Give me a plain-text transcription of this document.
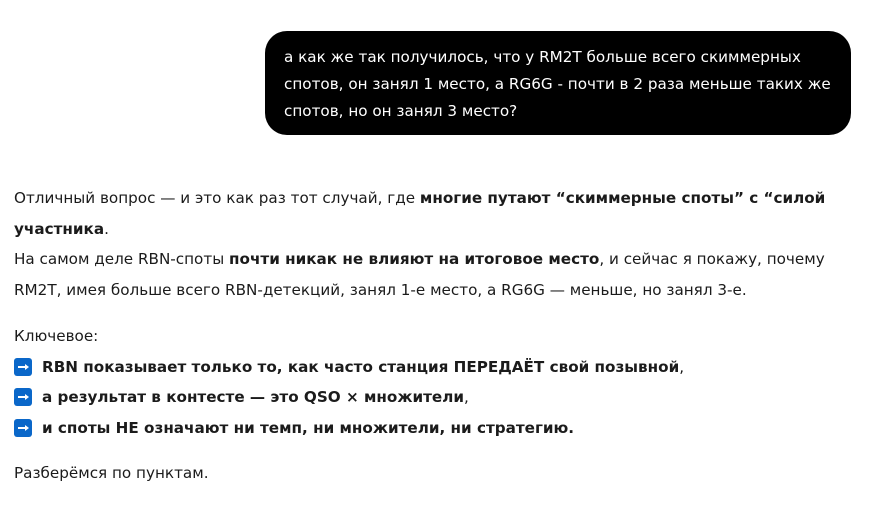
а как же так получилось, что у RM2T больше всего скиммерных

спотов, он занял 1 место, а RG6G - почти в 2 раза меньше таких же

спотов, но он занял 3 место?

Отличный вопрос — и это как раз тот случай, где многие путают “скиммерные споты” с “силой

участника.

На самом деле RBN-споты почти никак не влияют на итоговое место, и сейчас я покажу, почему

RM2T, имея больше всего RBN-детекций, занял 1-е место, а RG6G — меньше, но занял 3-е.

Ключевое:

RBN показывает только то, как часто станция ПЕРЕДАЁТ свой позывной,
а результат в контесте — это QSO × множители,
и споты НЕ означают ни темп, ни множители, ни стратегию.

Разберёмся по пунктам.
